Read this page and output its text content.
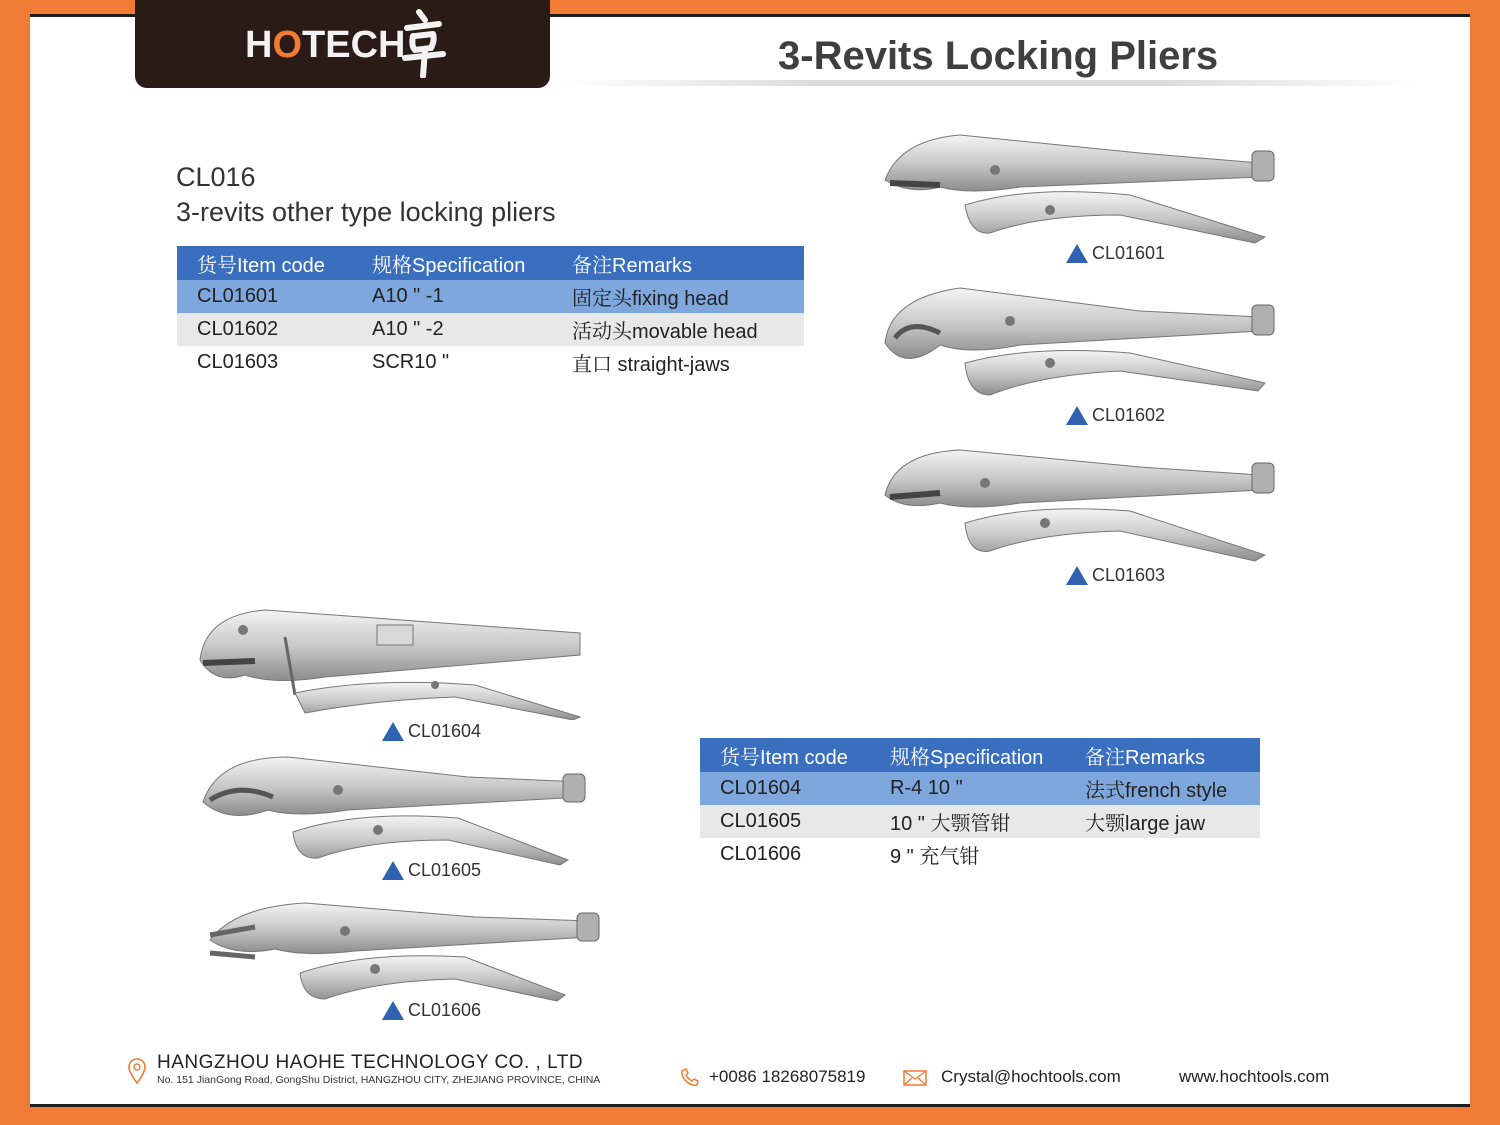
HOTECH	3-Revits Locking Pliers
CL016
3-revits other type locking pliers
货号Item code	规格Specification	备注Remarks
CL01601	A10 " -1	固定头fixing head
CL01602	A10 " -2	活动头movable head
CL01603	SCR10 "	直口 straight-jaws
货号Item code	规格Specification	备注Remarks
CL01604	R-4 10 "	法式french style
CL01605	10 " 大颚管钳	大颚large jaw
CL01606	9 " 充气钳	
CL01601
CL01602
CL01603
CL01604
CL01605
CL01606
HANGZHOU HAOHE TECHNOLOGY CO. , LTD
No. 151 JianGong Road, GongShu District, HANGZHOU CITY, ZHEJIANG PROVINCE, CHINA	+0086 18268075819	Crystal@hochtools.com	www.hochtools.com
